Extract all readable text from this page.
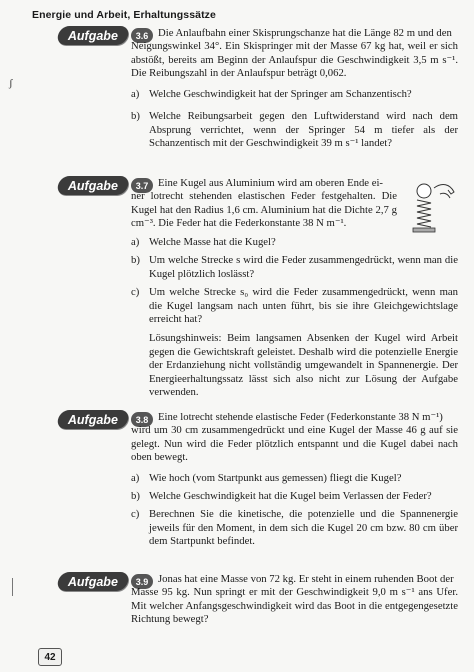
Energie und Arbeit, Erhaltungssätze
ʃ
Aufgabe	3.6 Die Anlaufbahn einer Skisprungschanze hat die Länge 82 m und den
Neigungswinkel 34°. Ein Skispringer mit der Masse 67 kg hat, weil er sich abstößt, bereits am Beginn der Anlaufspur die Geschwindigkeit 3,5 m s⁻¹. Die Reibungszahl in der Anlaufspur beträgt 0,062.
a) Welche Geschwindigkeit hat der Springer am Schanzentisch?
b) Welche Reibungsarbeit gegen den Luftwiderstand wird nach dem Absprung verrichtet, wenn der Springer 54 m tiefer als der Schanzentisch mit der Geschwindigkeit 39 m s⁻¹ landet?
Aufgabe	3.7 Eine Kugel aus Aluminium wird am oberen Ende ei-
ner lotrecht stehenden elastischen Feder festgehalten. Die Kugel hat den Radius 1,6 cm. Aluminium hat die Dichte 2,7 g cm⁻³. Die Feder hat die Federkonstante 38 N m⁻¹.
a) Welche Masse hat die Kugel?
b) Um welche Strecke s wird die Feder zusammengedrückt, wenn man die Kugel plötzlich loslässt?
c) Um welche Strecke s₀ wird die Feder zusammengedrückt, wenn man die Kugel langsam nach unten führt, bis sie ihre Gleichgewichtslage erreicht hat?
Lösungshinweis: Beim langsamen Absenken der Kugel wird Arbeit gegen die Gewichtskraft geleistet. Deshalb wird die potenzielle Energie der Erdanziehung nicht vollständig umgewandelt in Spannenergie. Der Energieerhaltungssatz lässt sich also nicht zur Lösung der Aufgabe verwenden.
Aufgabe	3.8 Eine lotrecht stehende elastische Feder (Federkonstante 38 N m⁻¹)
wird um 30 cm zusammengedrückt und eine Kugel der Masse 46 g auf sie gelegt. Nun wird die Feder plötzlich entspannt und die Kugel dabei nach oben bewegt.
a) Wie hoch (vom Startpunkt aus gemessen) fliegt die Kugel?
b) Welche Geschwindigkeit hat die Kugel beim Verlassen der Feder?
c) Berechnen Sie die kinetische, die potenzielle und die Spannenergie jeweils für den Moment, in dem sich die Kugel 20 cm bzw. 80 cm über dem Startpunkt befindet.
Aufgabe	3.9 Jonas hat eine Masse von 72 kg. Er steht in einem ruhenden Boot der
Masse 95 kg. Nun springt er mit der Geschwindigkeit 9,0 m s⁻¹ ans Ufer. Mit welcher Anfangsgeschwindigkeit wird das Boot in die entgegengesetzte Richtung bewegt?
42
